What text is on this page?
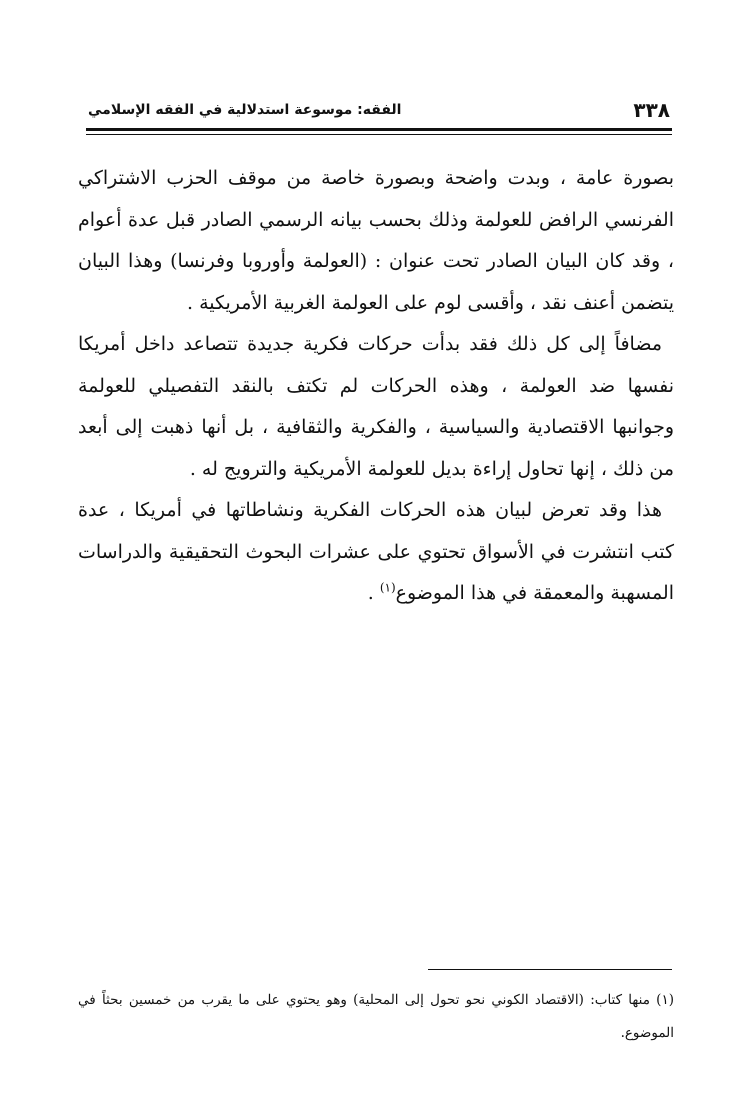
٣٣٨
الفقه: موسوعة استدلالية في الفقه الإسلامي

بصورة عامة ، وبدت واضحة وبصورة خاصة من موقف الحزب الاشتراكي الفرنسي الرافض للعولمة وذلك بحسب بيانه الرسمي الصادر قبل عدة أعوام ، وقد كان البيان الصادر تحت عنوان : (العولمة وأوروبا وفرنسا) وهذا البيان يتضمن أعنف نقد ، وأقسى لوم على العولمة الغربية الأمريكية .

مضافاً إلى كل ذلك فقد بدأت حركات فكرية جديدة تتصاعد داخل أمريكا نفسها ضد العولمة ، وهذه الحركات لم تكتف بالنقد التفصيلي للعولمة وجوانبها الاقتصادية والسياسية ، والفكرية والثقافية ، بل أنها ذهبت إلى أبعد من ذلك ، إنها تحاول إراءة بديل للعولمة الأمريكية والترويج له .

هذا وقد تعرض لبيان هذه الحركات الفكرية ونشاطاتها في أمريكا ، عدة كتب انتشرت في الأسواق تحتوي على عشرات البحوث التحقيقية والدراسات المسهبة والمعمقة في هذا الموضوع$^{(١)}$ .

(١) منها كتاب: (الاقتصاد الكوني نحو تحول إلى المحلية) وهو يحتوي على ما يقرب من خمسين بحثاً في الموضوع.
